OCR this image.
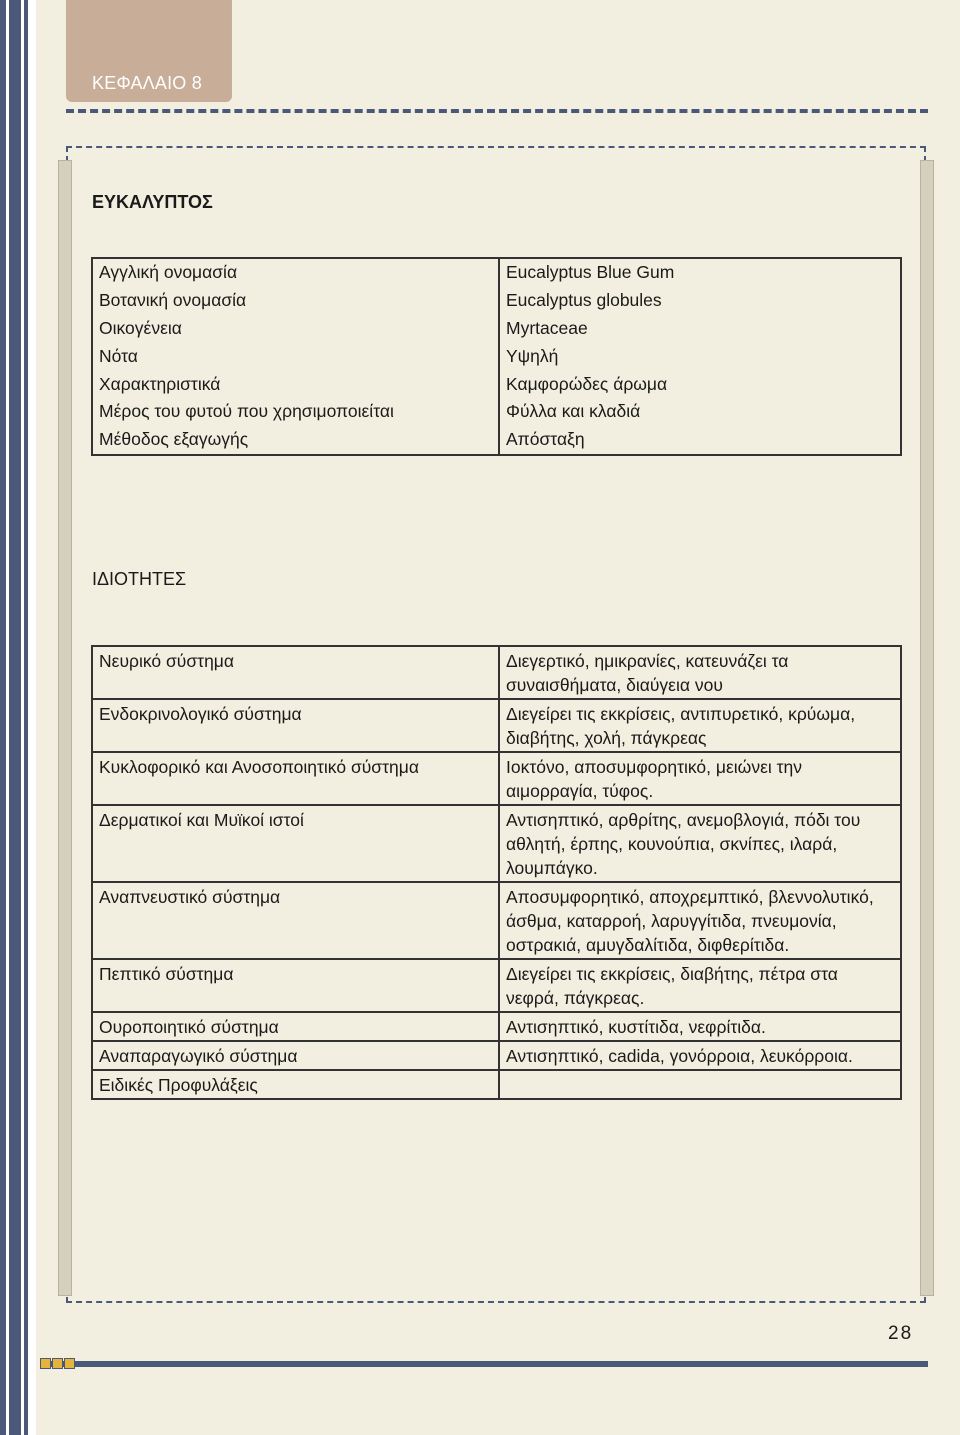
ΚΕΦΑΛΑΙΟ 8
ΕΥΚΑΛΥΠΤΟΣ
Αγγλική ονομασία	Eucalyptus Blue Gum
Βοτανική ονομασία	Eucalyptus globules
Οικογένεια	Myrtaceae
Νότα	Υψηλή
Χαρακτηριστικά	Καμφορώδες άρωμα
Μέρος του φυτού που χρησιμοποιείται	Φύλλα και κλαδιά
Μέθοδος εξαγωγής	Απόσταξη
ΙΔΙΟΤΗΤΕΣ
Νευρικό σύστημα	Διεγερτικό, ημικρανίες, κατευνάζει τα συναισθήματα, διαύγεια νου
Ενδοκρινολογικό σύστημα	Διεγείρει τις εκκρίσεις, αντιπυρετικό, κρύωμα, διαβήτης, χολή, πάγκρεας
Κυκλοφορικό και Ανοσοποιητικό σύστημα	Ιοκτόνο, αποσυμφορητικό, μειώνει την αιμορραγία, τύφος.
Δερματικοί και Μυϊκοί ιστοί	Αντισηπτικό, αρθρίτης, ανεμοβλογιά, πόδι του αθλητή, έρπης, κουνούπια, σκνίπες, ιλαρά, λουμπάγκο.
Αναπνευστικό σύστημα	Αποσυμφορητικό, αποχρεμπτικό, βλεννολυτικό, άσθμα, καταρροή, λαρυγγίτιδα, πνευμονία, οστρακιά, αμυγδαλίτιδα, διφθερίτιδα.
Πεπτικό σύστημα	Διεγείρει τις εκκρίσεις, διαβήτης, πέτρα στα νεφρά, πάγκρεας.
Ουροποιητικό σύστημα	Αντισηπτικό, κυστίτιδα, νεφρίτιδα.
Αναπαραγωγικό σύστημα	Αντισηπτικό, cadida, γονόρροια, λευκόρροια.
Ειδικές Προφυλάξεις	
28
